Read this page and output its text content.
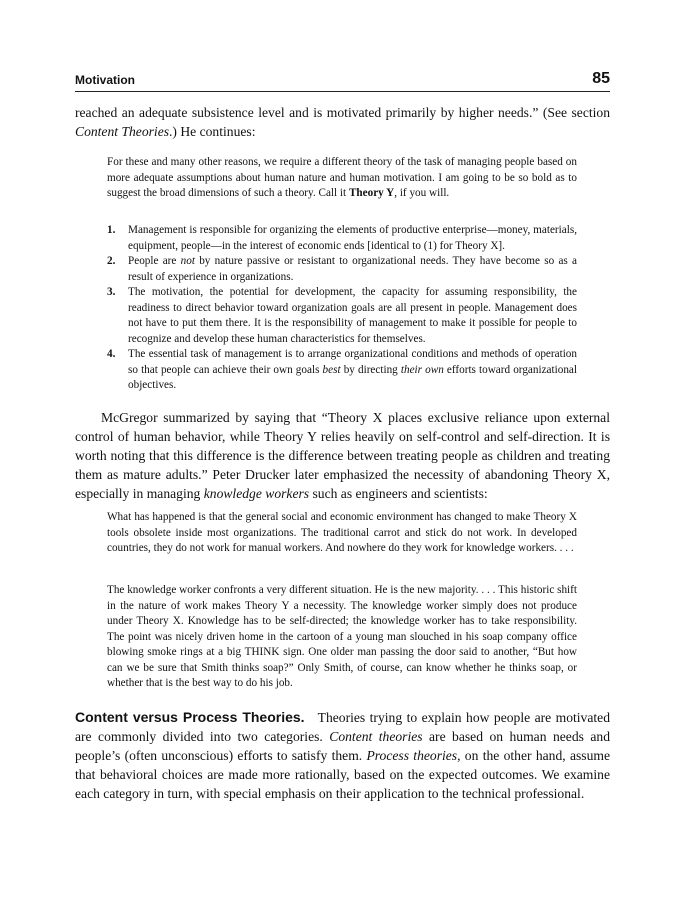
Motivation	85

reached an adequate subsistence level and is motivated primarily by higher needs.” (See section Content Theories.) He continues:

For these and many other reasons, we require a different theory of the task of managing people based on more adequate assumptions about human nature and human motivation. I am going to be so bold as to suggest the broad dimensions of such a theory. Call it Theory Y, if you will.

1. Management is responsible for organizing the elements of productive enterprise—money, materials, equipment, people—in the interest of economic ends [identical to (1) for Theory X].
2. People are not by nature passive or resistant to organizational needs. They have become so as a result of experience in organizations.
3. The motivation, the potential for development, the capacity for assuming responsibility, the readiness to direct behavior toward organization goals are all present in people. Management does not have to put them there. It is the responsibility of management to make it possible for people to recognize and develop these human characteristics for themselves.
4. The essential task of management is to arrange organizational conditions and methods of operation so that people can achieve their own goals best by directing their own efforts toward organizational objectives.

McGregor summarized by saying that “Theory X places exclusive reliance upon external control of human behavior, while Theory Y relies heavily on self-control and self-direction. It is worth noting that this difference is the difference between treating people as children and treating them as mature adults.” Peter Drucker later emphasized the necessity of abandoning Theory X, especially in managing knowledge workers such as engineers and scientists:

What has happened is that the general social and economic environment has changed to make Theory X tools obsolete inside most organizations. The traditional carrot and stick do not work. In developed countries, they do not work for manual workers. And nowhere do they work for knowledge workers. . . .

The knowledge worker confronts a very different situation. He is the new majority. . . . This historic shift in the nature of work makes Theory Y a necessity. The knowledge worker simply does not produce under Theory X. Knowledge has to be self-directed; the knowledge worker has to take responsibility. The point was nicely driven home in the cartoon of a young man slouched in his soap company office blowing smoke rings at a big THINK sign. One older man passing the door said to another, “But how can we be sure that Smith thinks soap?” Only Smith, of course, can know whether he thinks soap, or whether that is the best way to do his job.

Content versus Process Theories. Theories trying to explain how people are motivated are commonly divided into two categories. Content theories are based on human needs and people’s (often unconscious) efforts to satisfy them. Process theories, on the other hand, assume that behavioral choices are made more rationally, based on the expected outcomes. We examine each category in turn, with special emphasis on their application to the technical professional.
